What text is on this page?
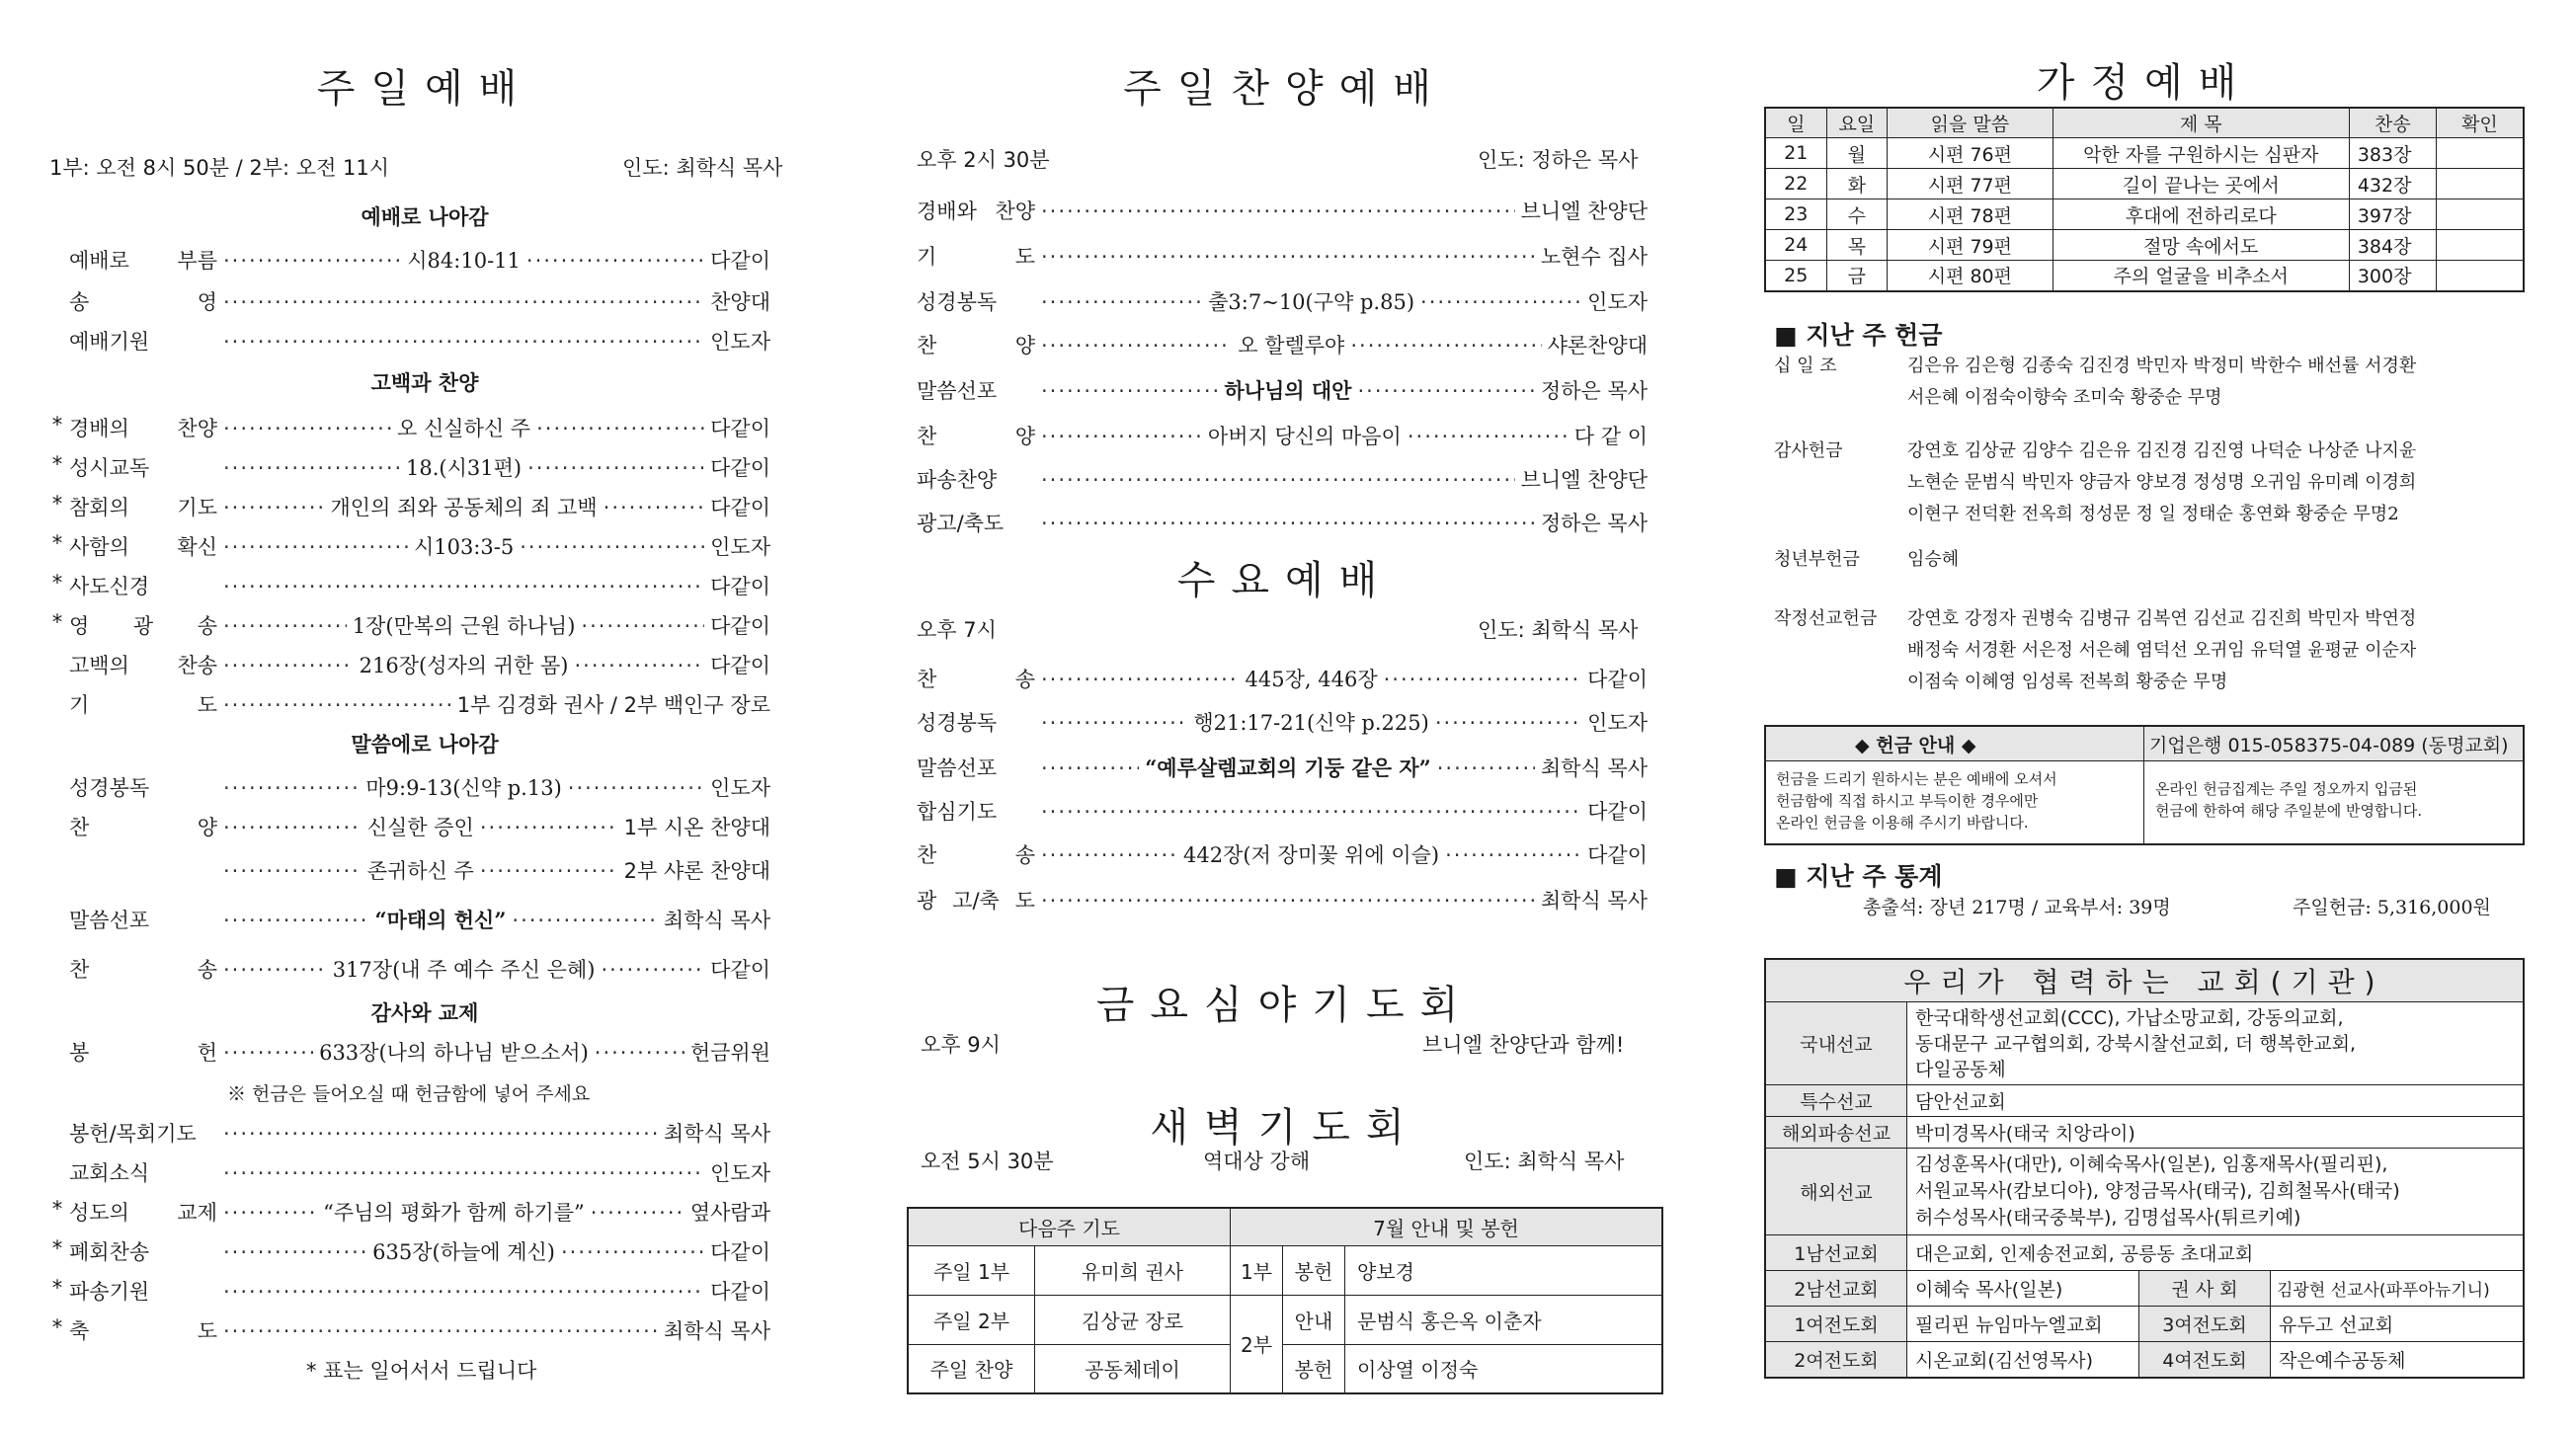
주일예배
1부: 오전 8시 50분 / 2부: 오전 11시	인도: 최학식 목사
예배로 나아감
고백과 찬양
말씀에로 나아감
감사와 교제
예배로 부름 ·····	시84:10-11 ·····	다같이
송 영 ·····	찬양대
예배기원 ·····	인도자
* 경배의 찬양 ·····	오 신실하신 주 ·····	다같이
* 성시교독 ·····	18.(시31편) ·····	다같이
* 참회의 기도 ·····	개인의 죄와 공동체의 죄 고백 ·····	다같이
* 사함의 확신 ·····	시103:3-5 ·····	인도자
* 사도신경 ·····	다같이
* 영 광 송 ·····	1장(만복의 근원 하나님) ·····	다같이
고백의 찬송 ·····	216장(성자의 귀한 몸) ·····	다같이
기 도 ·····	1부 김경화 권사 / 2부 백인구 장로
성경봉독 ·····	마9:9-13(신약 p.13) ·····	인도자
찬 양 ·····	신실한 증인 ·····	1부 시온 찬양대
·····
존귀하신 주 ·····	2부 샤론 찬양대
말씀선포 ·····	“마태의 헌신” ·····	최학식 목사
찬 송 ·····	317장(내 주 예수 주신 은혜) ·····	다같이
봉 헌 ·····	633장(나의 하나님 받으소서) ·····	헌금위원
봉헌/목회기도 ·····	최학식 목사
교회소식 ·····	인도자
* 성도의 교제 ·····	“주님의 평화가 함께 하기를” ·····	옆사람과
* 폐회찬송 ·····	635장(하늘에 계신) ·····	다같이
* 파송기원 ·····	다같이
* 축 도 ·····	최학식 목사
※ 헌금은 들어오실 때 헌금함에 넣어 주세요
* 표는 일어서서 드립니다
주일찬양예배
오후 2시 30분	인도: 정하은 목사
경배와 찬양 ·····	브니엘 찬양단
기 도 ·····	노현수 집사
성경봉독 ·····	출3:7~10(구약 p.85) ·····	인도자
찬 양 ·····	오 할렐루야 ·····	샤론찬양대
말씀선포 ·····	하나님의 대안 ·····	정하은 목사
찬 양 ·····	아버지 당신의 마음이 ·····	다 같 이
파송찬양 ·····	브니엘 찬양단
광고/축도 ·····	정하은 목사
수요예배
오후 7시	인도: 최학식 목사
찬 송 ·····	445장, 446장 ·····	다같이
성경봉독 ·····	행21:17-21(신약 p.225) ·····	인도자
말씀선포 ·····	“예루살렘교회의 기둥 같은 자” ·····	최학식 목사
합심기도 ·····	다같이
찬 송 ·····	442장(저 장미꽃 위에 이슬) ·····	다같이
광 고/축 도 ·····	최학식 목사
금요심야기도회
오후 9시	브니엘 찬양단과 함께!
새벽기도회
오전 5시 30분	역대상 강해	인도: 최학식 목사
다음주 기도		7월 안내 및 봉헌		
주일 1부	유미희 권사	1부	봉헌	양보경
주일 2부	김상균 장로	2부	안내	문범식 홍은옥 이춘자
주일 찬양	공동체데이		봉헌	이상열 이정숙
가정예배
일	요일	읽을 말씀	제 목	찬송	확인
21	월	시편 76편	악한 자를 구원하시는 심판자	383장	
22	화	시편 77편	길이 끝나는 곳에서	432장	
23	수	시편 78편	후대에 전하리로다	397장	
24	목	시편 79편	절망 속에서도	384장	
25	금	시편 80편	주의 얼굴을 비추소서	300장	
■ 지난 주 헌금
십 일 조	김은유 김은형 김종숙 김진경 박민자 박정미 박한수 배선률 서경환
서은혜 이점숙이향숙 조미숙 황중순 무명
감사헌금	강연호 김상균 김양수 김은유 김진경 김진영 나덕순 나상준 나지윤
노현순 문범식 박민자 양금자 양보경 정성명 오귀임 유미례 이경희
이현구 전덕환 전옥희 정성문 정 일 정태순 홍연화 황중순 무명2
청년부헌금	임승혜
작정선교헌금 강연호 강정자 권병숙 김병규 김복연 김선교 김진희 박민자 박연정
배정숙 서경환 서은정 서은혜 염덕선 오귀임 유덕열 윤평균 이순자
이점숙 이혜영 임성록 전복희 황중순 무명
◆ 헌금 안내 ◆	기업은행 015-058375-04-089 (동명교회)
헌금을 드리기 원하시는 분은 예배에 오셔서
헌금함에 직접 하시고 부득이한 경우에만
온라인 헌금을 이용해 주시기 바랍니다.
온라인 헌금집계는 주일 정오까지 입금된
헌금에 한하여 해당 주일분에 반영합니다.
■ 지난 주 통계
총출석: 장년 217명 / 교육부서: 39명	주일헌금: 5,316,000원
우리가 협력하는 교회(기관)			
국내선교	한국대학생선교회(CCC), 가납소망교회, 강동의교회,
동대문구 교구협의회, 강북시찰선교회, 더 행복한교회,
다일공동체		

특수선교	담안선교회		
해외파송선교	박미경목사(태국 치앙라이)		
해외선교	김성훈목사(대만), 이혜숙목사(일본), 임홍재목사(필리핀),
서원교목사(캄보디아), 양정금목사(태국), 김희철목사(태국)
허수성목사(태국중북부), 김명섭목사(튀르키예)		

1남선교회	대은교회, 인제송전교회, 공릉동 초대교회		
2남선교회	이혜숙 목사(일본)	권 사 회	김광현 선교사(파푸아뉴기니)
1여전도회	필리핀 뉴임마누엘교회	3여전도회	유두고 선교회
2여전도회	시온교회(김선영목사)	4여전도회	작은예수공동체
